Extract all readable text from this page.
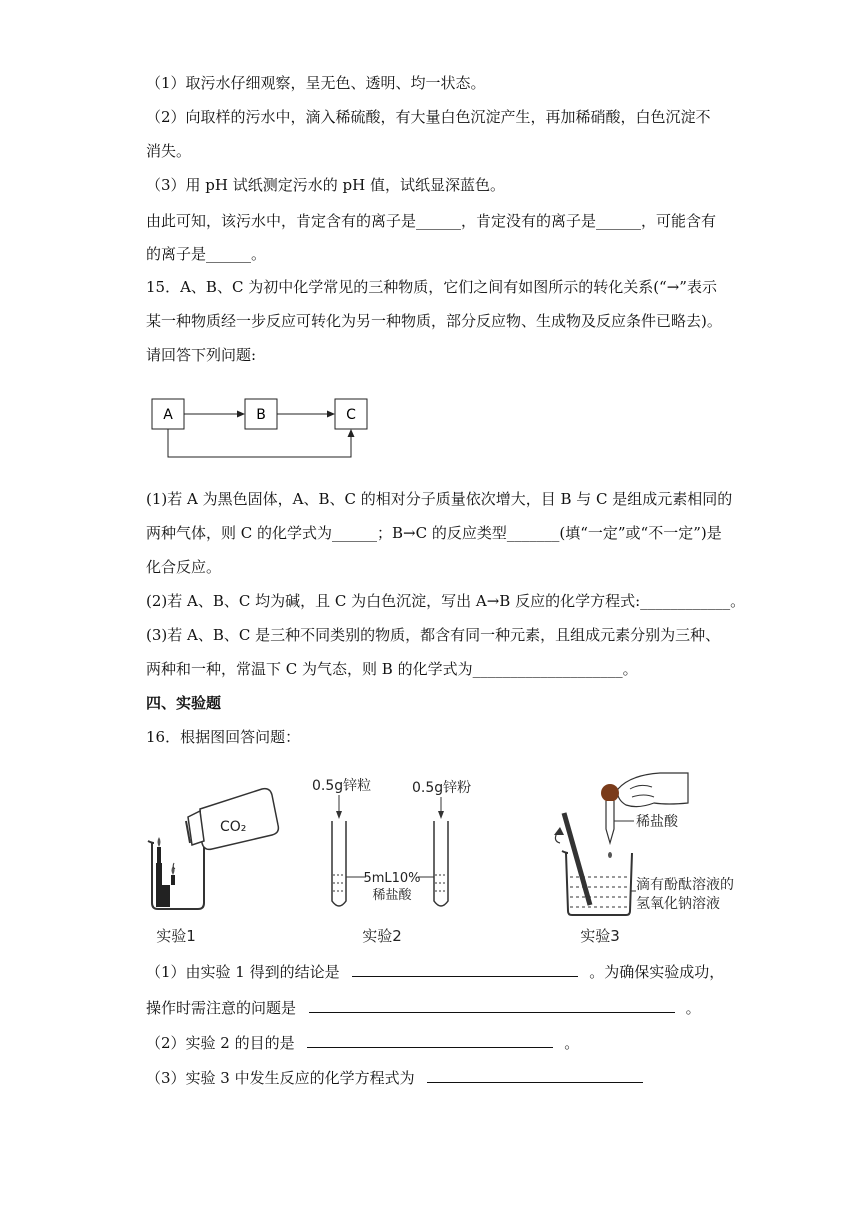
（1）取污水仔细观察，呈无色、透明、均一状态。
（2）向取样的污水中，滴入稀硫酸，有大量白色沉淀产生，再加稀硝酸，白色沉淀不
消失。
（3）用 pH 试纸测定污水的 pH 值，试纸显深蓝色。
由此可知，该污水中，肯定含有的离子是______，肯定没有的离子是______，可能含有
的离子是______。
15．A、B、C 为初中化学常见的三种物质，它们之间有如图所示的转化关系(“→”表示
某一种物质经一步反应可转化为另一种物质，部分反应物、生成物及反应条件已略去)。
请回答下列问题:
A	B	C
(1)若 A 为黑色固体，A、B、C 的相对分子质量依次增大，目 B 与 C 是组成元素相同的
两种气体，则 C 的化学式为______；B→C 的反应类型_______(填“一定”或“不一定”)是
化合反应。
(2)若 A、B、C 均为碱，且 C 为白色沉淀，写出 A→B 反应的化学方程式:____________。
(3)若 A、B、C 是三种不同类别的物质，都含有同一种元素，且组成元素分别为三种、
两种和一种，常温下 C 为气态，则 B 的化学式为____________________。
四、实验题
16．根据图回答问题：
CO₂
实验1
0.5g锌粒	0.5g锌粉
5mL10%
稀盐酸
实验2
稀盐酸
滴有酚酞溶液的
氢氧化钠溶液
实验3
（1）由实验 1 得到的结论是	。为确保实验成功，
操作时需注意的问题是	。
（2）实验 2 的目的是	。
（3）实验 3 中发生反应的化学方程式为
